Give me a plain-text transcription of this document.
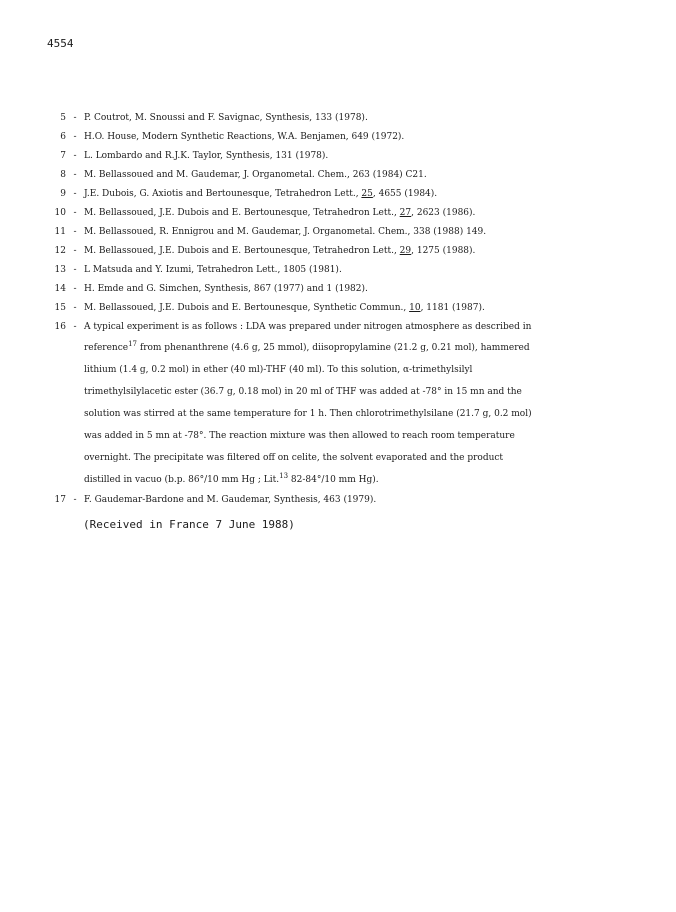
4554
5 - P. Coutrot, M. Snoussi and F. Savignac, Synthesis, 133 (1978).
6 - H.O. House, Modern Synthetic Reactions, W.A. Benjamen, 649 (1972).
7 - L. Lombardo and R.J.K. Taylor, Synthesis, 131 (1978).
8 - M. Bellassoued and M. Gaudemar, J. Organometal. Chem., 263 (1984) C21.
9 - J.E. Dubois, G. Axiotis and Bertounesque, Tetrahedron Lett., 25, 4655 (1984).
10 - M. Bellassoued, J.E. Dubois and E. Bertounesque, Tetrahedron Lett., 27, 2623 (1986).
11 - M. Bellassoued, R. Ennigrou and M. Gaudemar, J. Organometal. Chem., 338 (1988) 149.
12 - M. Bellassoued, J.E. Dubois and E. Bertounesque, Tetrahedron Lett., 29, 1275 (1988).
13 - L Matsuda and Y. Izumi, Tetrahedron Lett., 1805 (1981).
14 - H. Emde and G. Simchen, Synthesis, 867 (1977) and 1 (1982).
15 - M. Bellassoued, J.E. Dubois and E. Bertounesque, Synthetic Commun., 10, 1181 (1987).
16 - A typical experiment is as follows : LDA was prepared under nitrogen atmosphere as described in
reference$^{17}$ from phenanthrene (4.6 g, 25 mmol), diisopropylamine (21.2 g, 0.21 mol), hammered
lithium (1.4 g, 0.2 mol) in ether (40 ml)-THF (40 ml). To this solution, α-trimethylsilyl
trimethylsilylacetic ester (36.7 g, 0.18 mol) in 20 ml of THF was added at -78° in 15 mn and the
solution was stirred at the same temperature for 1 h. Then chlorotrimethylsilane (21.7 g, 0.2 mol)
was added in 5 mn at -78°. The reaction mixture was then allowed to reach room temperature
overnight. The precipitate was filtered off on celite, the solvent evaporated and the product
distilled in vacuo (b.p. 86°/10 mm Hg ; Lit.$^{13}$ 82-84°/10 mm Hg).
17 - F. Gaudemar-Bardone and M. Gaudemar, Synthesis, 463 (1979).
(Received in France 7 June 1988)
